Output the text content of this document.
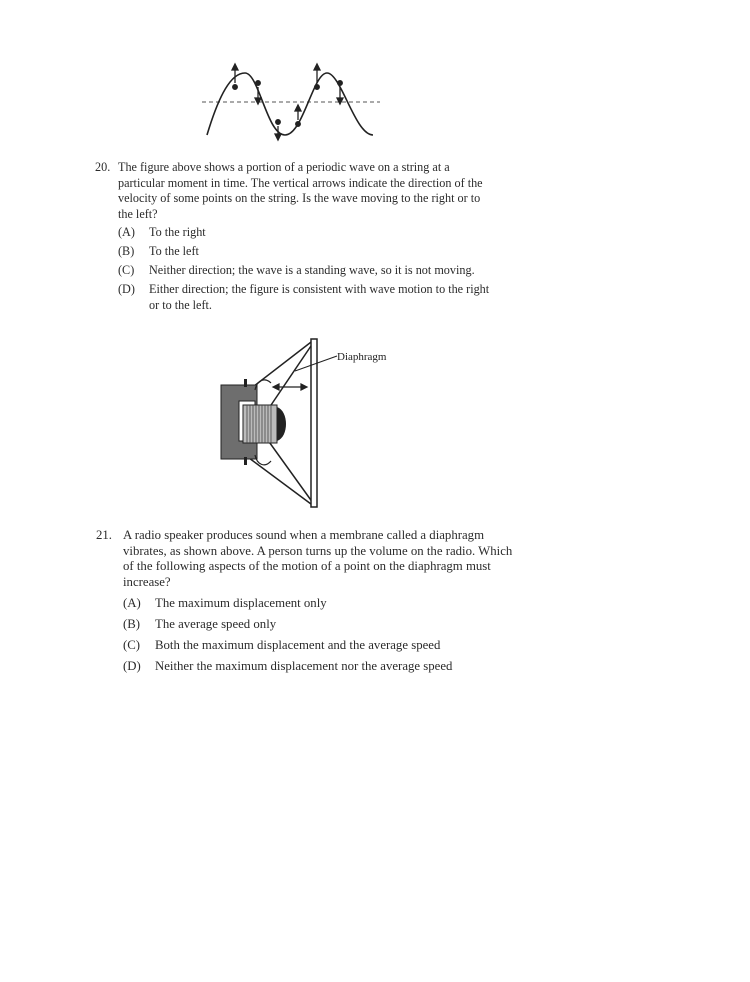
20. The figure above shows a portion of a periodic wave on a string at a particular moment in time. The vertical arrows indicate the direction of the velocity of some points on the string. Is the wave moving to the right or to the left?

(A) To the right
(B) To the left
(C) Neither direction; the wave is a standing wave, so it is not moving.
(D) Either direction; the figure is consistent with wave motion to the right or to the left.
Diaphragm
21. A radio speaker produces sound when a membrane called a diaphragm vibrates, as shown above. A person turns up the volume on the radio. Which of the following aspects of the motion of a point on the diaphragm must increase?

(A) The maximum displacement only
(B) The average speed only
(C) Both the maximum displacement and the average speed
(D) Neither the maximum displacement nor the average speed
